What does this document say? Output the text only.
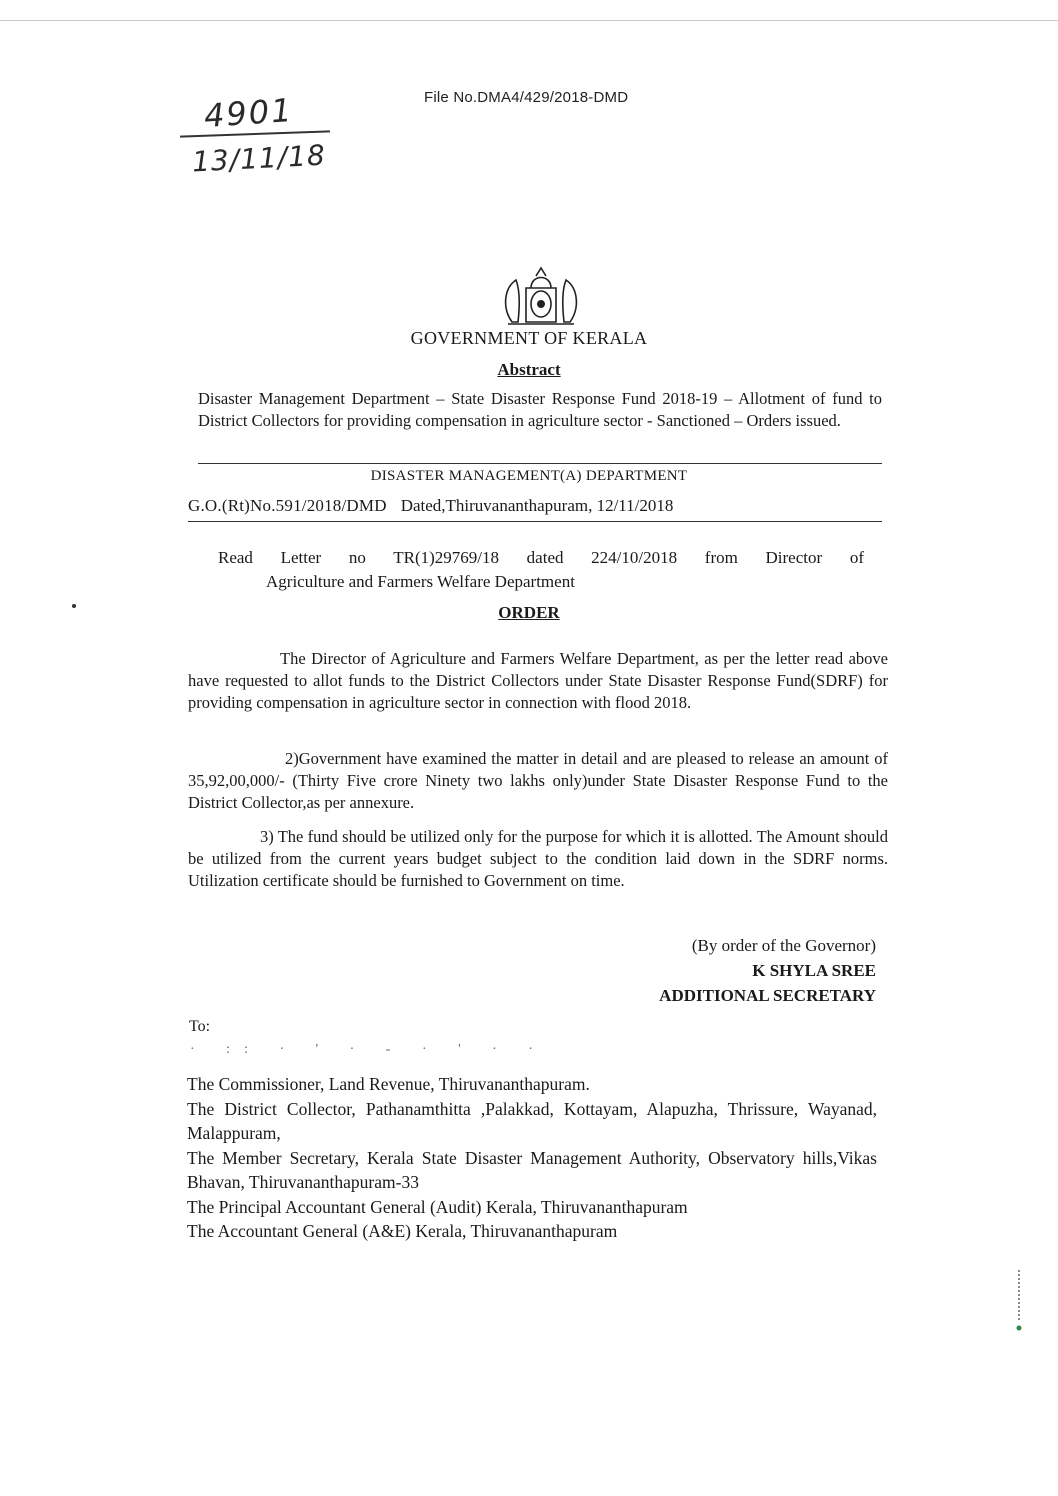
File No.DMA4/429/2018-DMD
4901
13/11/18
GOVERNMENT OF KERALA
Abstract
Disaster Management Department – State Disaster Response Fund 2018-19 – Allotment of fund to District Collectors for providing compensation in agriculture sector - Sanctioned – Orders issued.
DISASTER MANAGEMENT(A) DEPARTMENT
G.O.(Rt)No.591/2018/DMD Dated,Thiruvananthapuram, 12/11/2018
Read Letter no TR(1)29769/18 dated 224/10/2018 from Director of
Agriculture and Farmers Welfare Department
ORDER
The Director of Agriculture and Farmers Welfare Department, as per the letter read above have requested to allot funds to the District Collectors under State Disaster Response Fund(SDRF) for providing compensation in agriculture sector in connection with flood 2018.
2)Government have examined the matter in detail and are pleased to release an amount of 35,92,00,000/- (Thirty Five crore Ninety two lakhs only)under State Disaster Response Fund to the District Collector,as per annexure.
3) The fund should be utilized only for the purpose for which it is allotted. The Amount should be utilized from the current years budget subject to the condition laid down in the SDRF norms. Utilization certificate should be furnished to Government on time.
(By order of the Governor)
K SHYLA SREE
ADDITIONAL SECRETARY
To:
· :: · ' · - · ' · ·
The Commissioner, Land Revenue, Thiruvananthapuram.
The District Collector, Pathanamthitta ,Palakkad, Kottayam, Alapuzha, Thrissure, Wayanad, Malappuram,
The Member Secretary, Kerala State Disaster Management Authority, Observatory hills,Vikas Bhavan, Thiruvananthapuram-33
The Principal Accountant General (Audit) Kerala, Thiruvananthapuram
The Accountant General (A&E) Kerala, Thiruvananthapuram
